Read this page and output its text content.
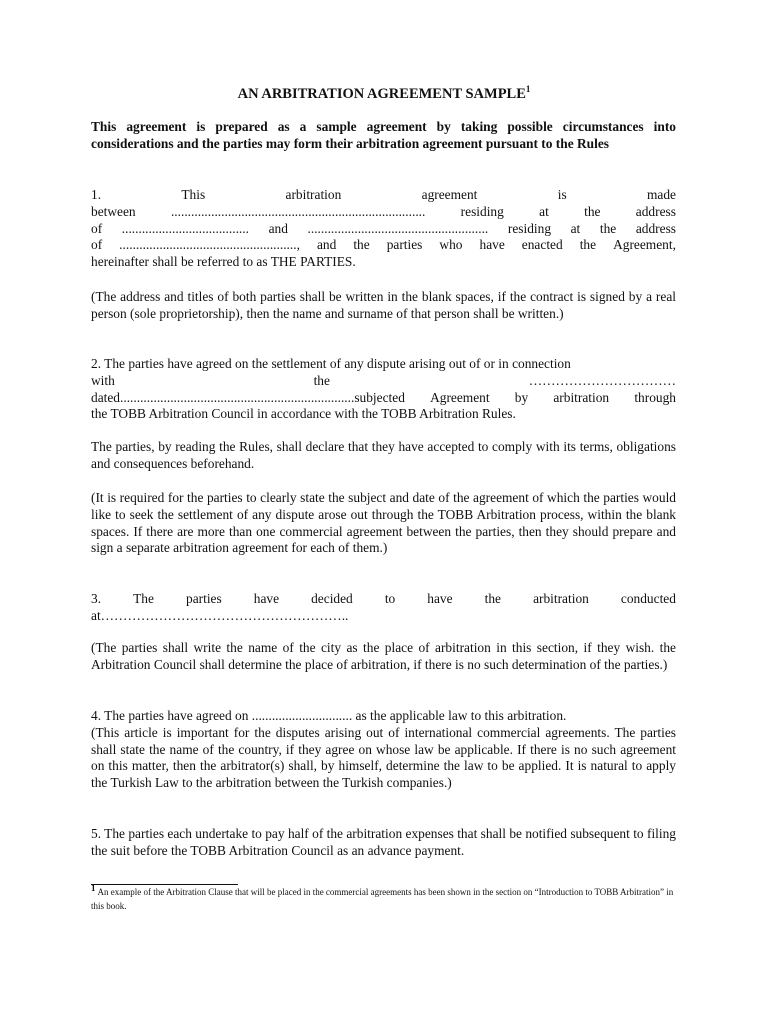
AN ARBITRATION AGREEMENT SAMPLE$^1$

This agreement is prepared as a sample agreement by taking possible circumstances into considerations and the parties may form their arbitration agreement pursuant to the Rules

1.	This	arbitration	agreement	is	made
between	............................................................................	residing	at	the	address
of ...................................... and ...................................................... residing at the address
of ....................................................., and the parties who have enacted the Agreement,
hereinafter shall be referred to as THE PARTIES.

(The address and titles of both parties shall be written in the blank spaces, if the contract is signed by a real person (sole proprietorship), then the name and surname of that person shall be written.)

2. The parties have agreed on the settlement of any dispute arising out of or in connection
with	the	……………………………
dated......................................................................subjected Agreement by arbitration through
the TOBB Arbitration Council in accordance with the TOBB Arbitration Rules.

The parties, by reading the Rules, shall declare that they have accepted to comply with its terms, obligations and consequences beforehand.

(It is required for the parties to clearly state the subject and date of the agreement of which the parties would like to seek the settlement of any dispute arose out through the TOBB Arbitration process, within the blank spaces. If there are more than one commercial agreement between the parties, then they should prepare and sign a separate arbitration agreement for each of them.)

3. The parties have decided to have the arbitration conducted
at………………………………………………..

(The parties shall write the name of the city as the place of arbitration in this section, if they wish. the Arbitration Council shall determine the place of arbitration, if there is no such determination of the parties.)

4. The parties have agreed on .............................. as the applicable law to this arbitration.
(This article is important for the disputes arising out of international commercial agreements. The parties shall state the name of the country, if they agree on whose law be applicable. If there is no such agreement on this matter, then the arbitrator(s) shall, by himself, determine the law to be applied. It is natural to apply the Turkish Law to the arbitration between the Turkish companies.)

5. The parties each undertake to pay half of the arbitration expenses that shall be notified subsequent to filing the suit before the TOBB Arbitration Council as an advance payment.

$^1$ An example of the Arbitration Clause that will be placed in the commercial agreements has been shown in the section on “Introduction to TOBB Arbitration” in this book.
